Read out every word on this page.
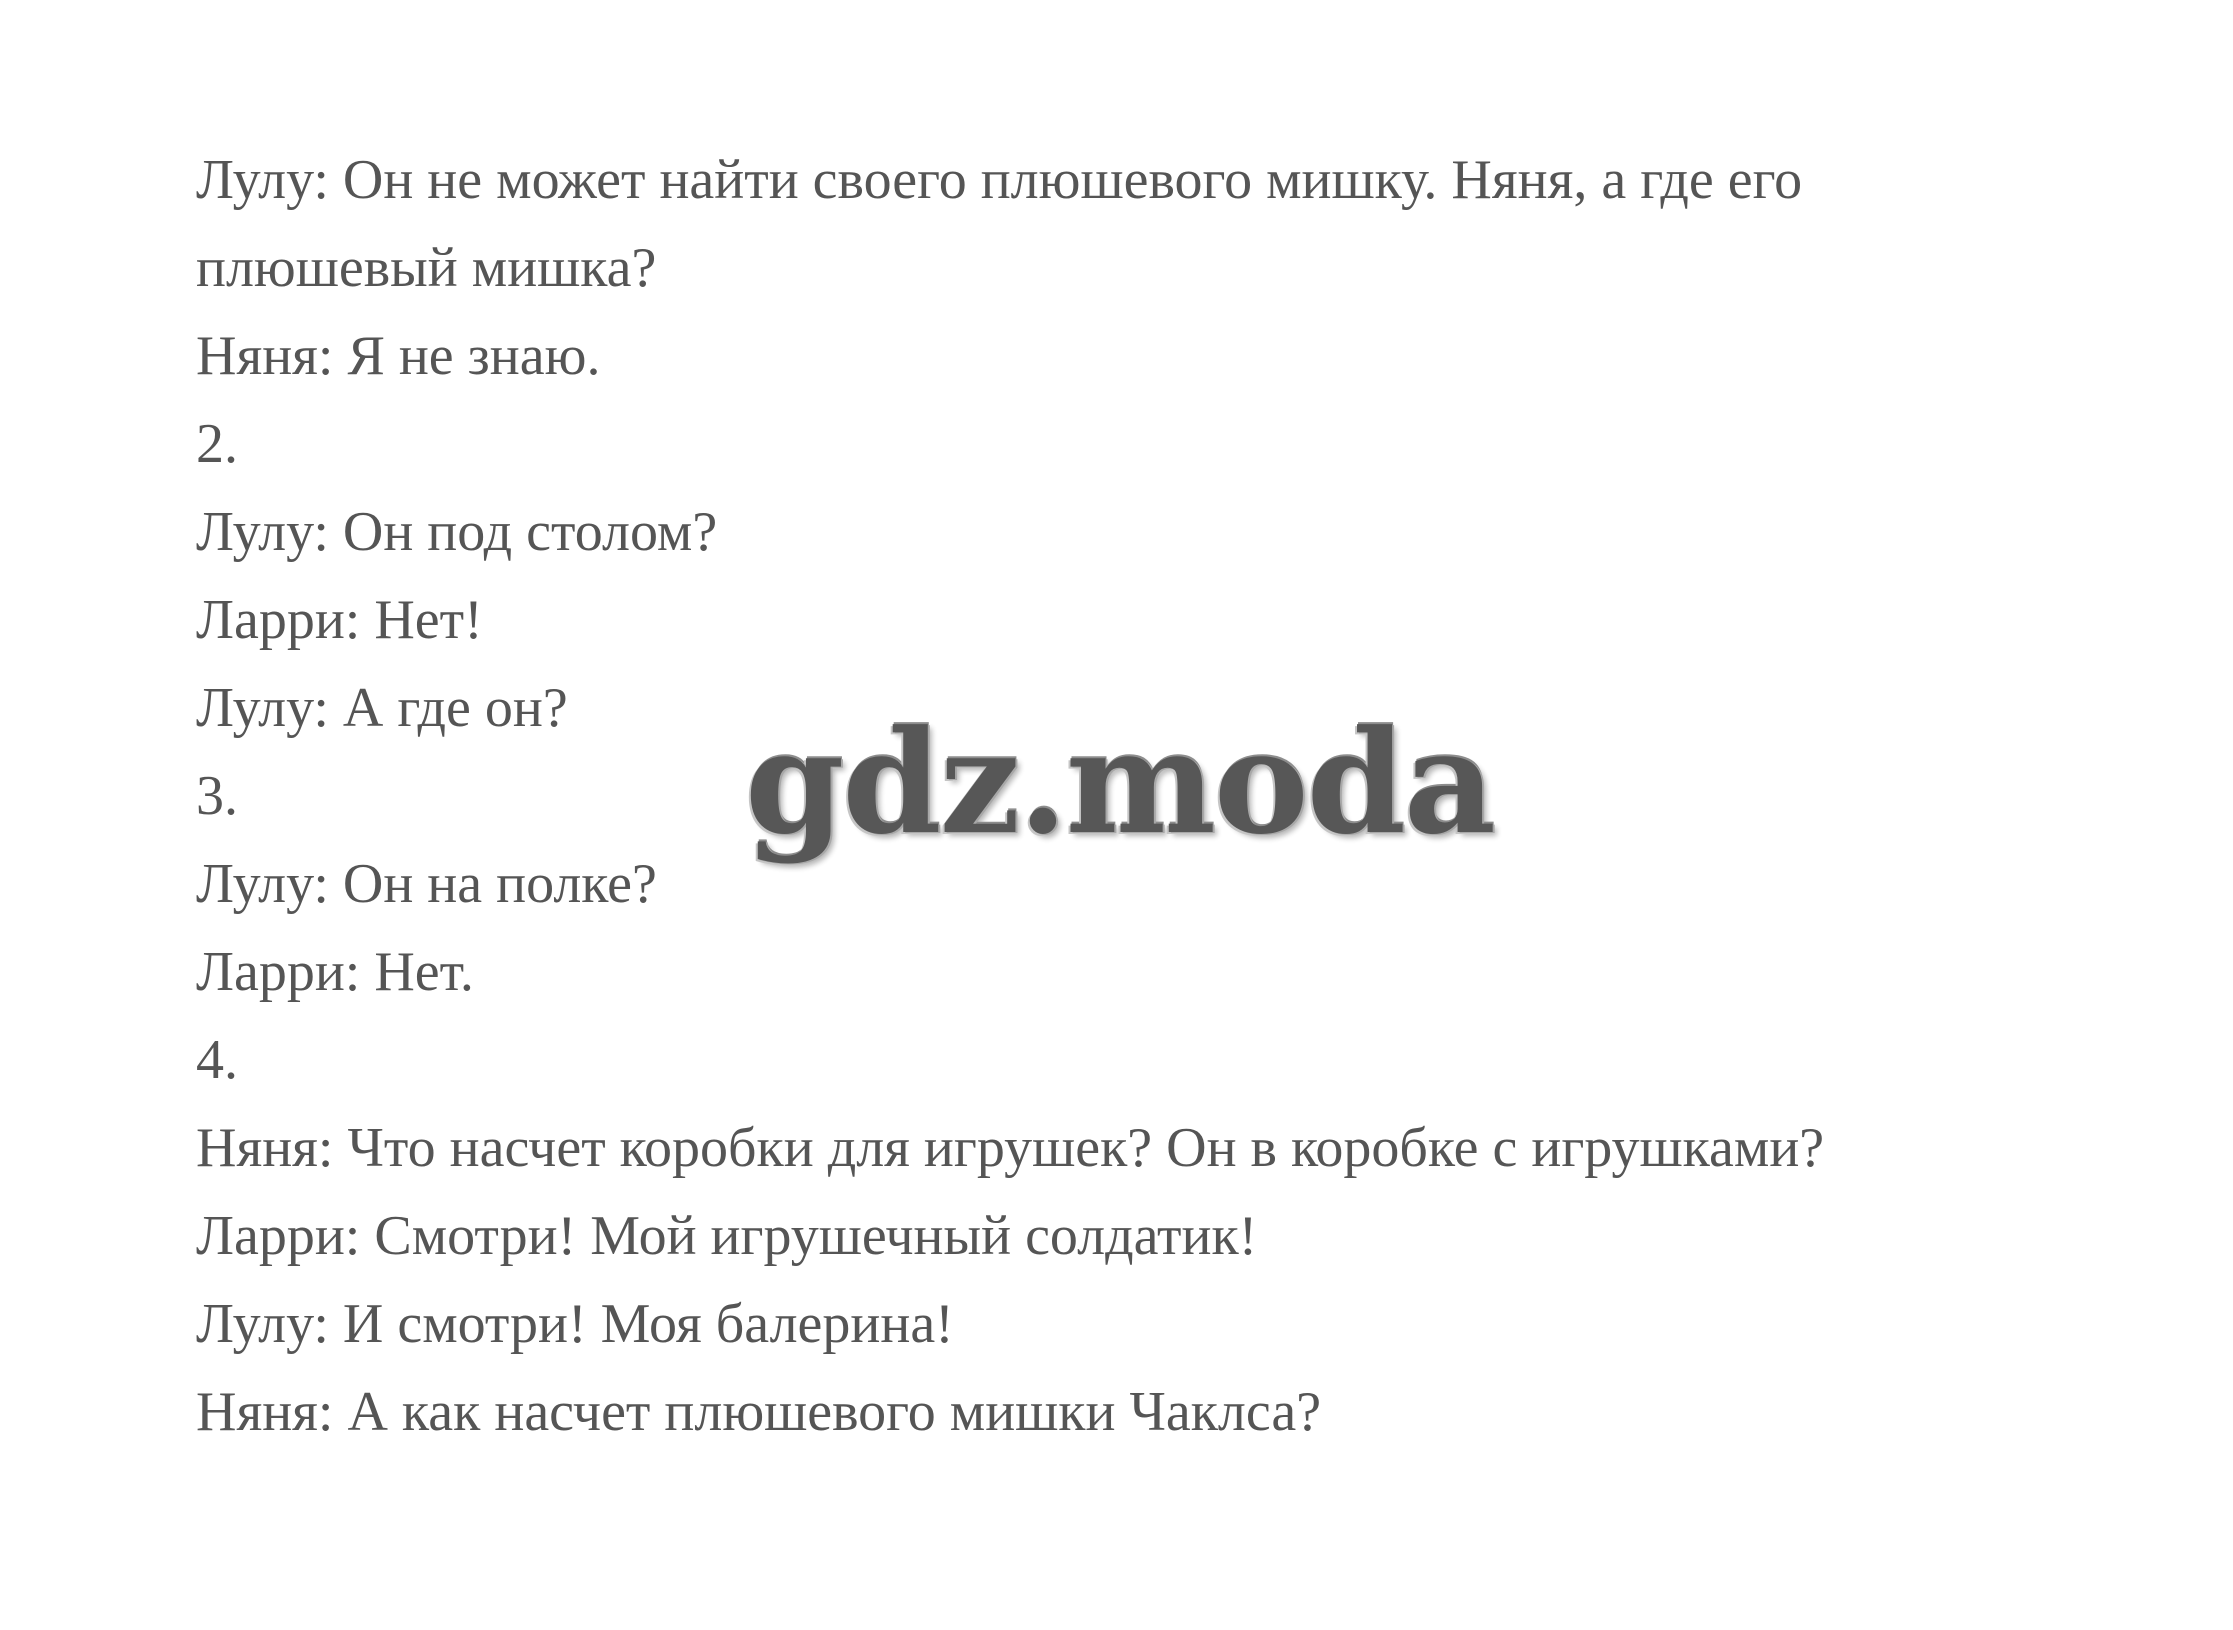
Лулу: Он не может найти своего плюшевого мишку. Няня, а где его
плюшевый мишка?
Няня: Я не знаю.
2.
Лулу: Он под столом?
Ларри: Нет!
Лулу: А где он?
3.
Лулу: Он на полке?
Ларри: Нет.
4.
Няня: Что насчет коробки для игрушек? Он в коробке с игрушками?
Ларри: Смотри! Мой игрушечный солдатик!
Лулу: И смотри! Моя балерина!
Няня: А как насчет плюшевого мишки Чаклса?
gdz.moda
